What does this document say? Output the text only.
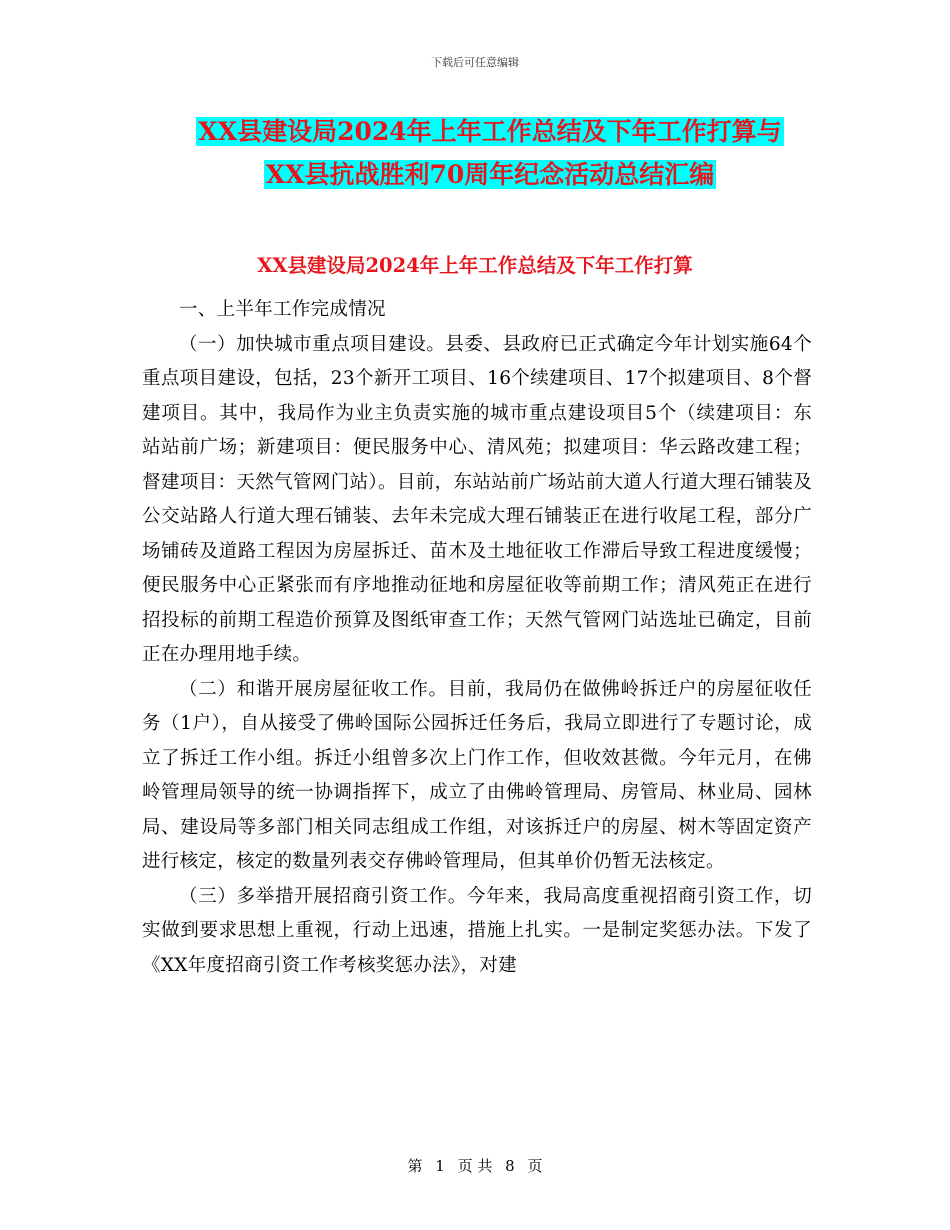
下载后可任意编辑
XX县建设局2024年上年工作总结及下年工作打算与
XX县抗战胜利70周年纪念活动总结汇编
XX县建设局2024年上年工作总结及下年工作打算

一、上半年工作完成情况

（一）加快城市重点项目建设。县委、县政府已正式确定今年计划实施64个重点项目建设，包括，23个新开工项目、16个续建项目、17个拟建项目、8个督建项目。其中，我局作为业主负责实施的城市重点建设项目5个（续建项目：东站站前广场；新建项目：便民服务中心、清风苑；拟建项目：华云路改建工程；督建项目：天然气管网门站）。目前，东站站前广场站前大道人行道大理石铺装及公交站路人行道大理石铺装、去年未完成大理石铺装正在进行收尾工程，部分广场铺砖及道路工程因为房屋拆迁、苗木及土地征收工作滞后导致工程进度缓慢；便民服务中心正紧张而有序地推动征地和房屋征收等前期工作；清风苑正在进行招投标的前期工程造价预算及图纸审查工作；天然气管网门站选址已确定，目前正在办理用地手续。

（二）和谐开展房屋征收工作。目前，我局仍在做佛岭拆迁户的房屋征收任务（1户），自从接受了佛岭国际公园拆迁任务后，我局立即进行了专题讨论，成立了拆迁工作小组。拆迁小组曾多次上门作工作，但收效甚微。今年元月，在佛岭管理局领导的统一协调指挥下，成立了由佛岭管理局、房管局、林业局、园林局、建设局等多部门相关同志组成工作组，对该拆迁户的房屋、树木等固定资产进行核定，核定的数量列表交存佛岭管理局，但其单价仍暂无法核定。

（三）多举措开展招商引资工作。今年来，我局高度重视招商引资工作，切实做到要求思想上重视，行动上迅速，措施上扎实。一是制定奖惩办法。下发了《XX年度招商引资工作考核奖惩办法》，对建

第 1 页 共 8 页
